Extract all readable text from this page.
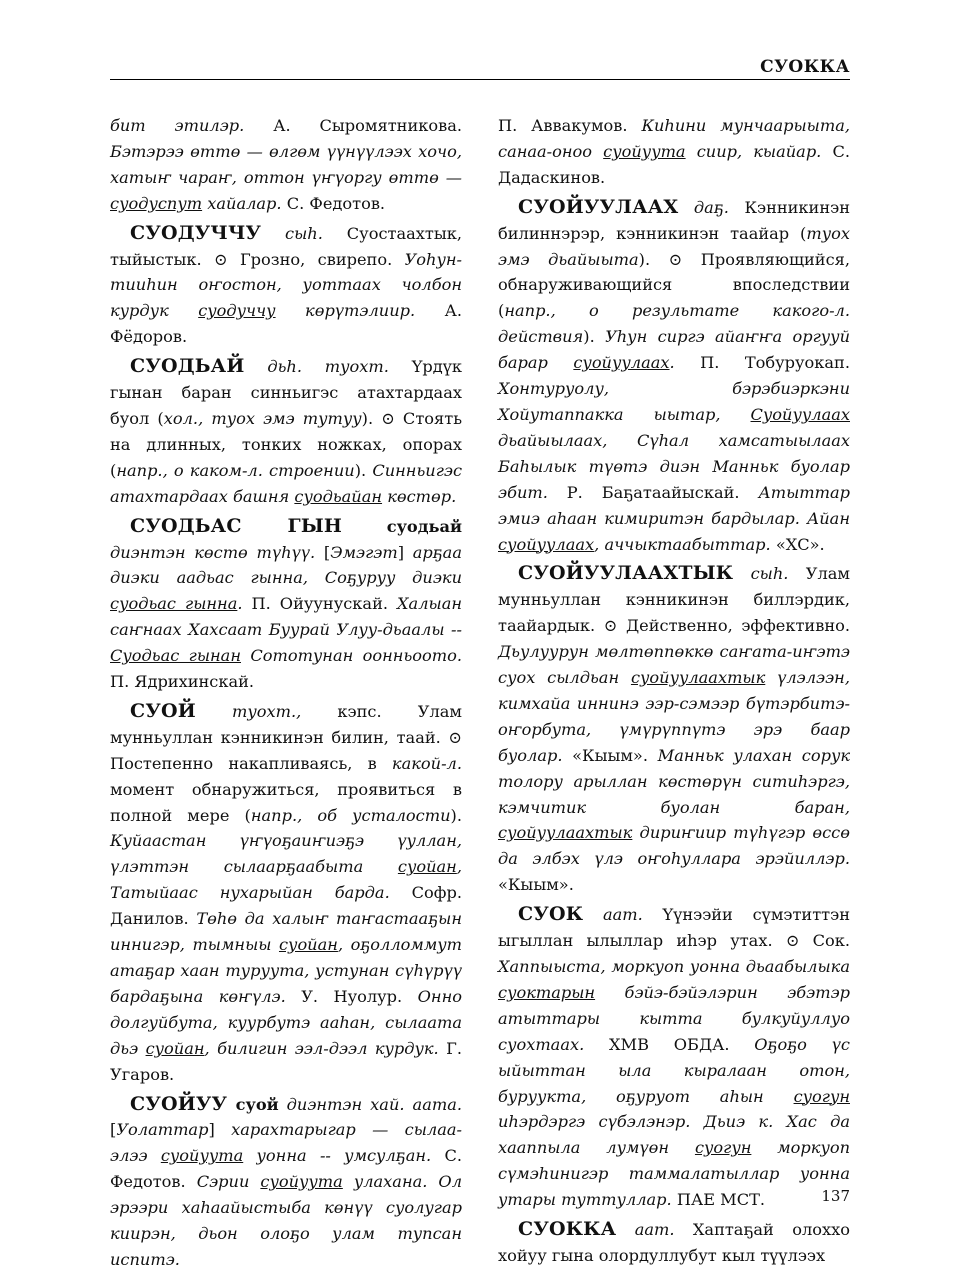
СУОККА

бит этилэр. А. Сыромятникова. Бэтэрээ өттө — өлгөм үүнүүлээх хочо, хатыҥ чараҥ, оттон үҥүоргу өттө — суодуспут хайалар. С. Федотов.

СУОДУЧЧУ сыһ. Суостаахтык, тыйыстык. ⊙ Грозно, свирепо. Уоһун-тииһин оҥостон, уоттаах чолбон курдук суодуччу көрүтэлиир. А. Фёдоров.

СУОДЬАЙ дьһ. туохт. Үрдүк гынан баран синньигэс атахтардаах буол (хол., туох эмэ тутуу). ⊙ Стоять на длинных, тонких ножках, опорах (напр., о каком-л. строении). Синньигэс атахтардаах башня суодьайан көстөр.

СУОДЬАС ГЫН суодьай диэнтэн көстө түһүү. [Эмэгэт] арҕаа диэки аадьас гынна, Соҕуруу диэки суодьас гынна. П. Ойуунускай. Халыан саҥнаах Хахсаат Буурай Улуу-дьаалы -- Суодьас гынан Сототунан оонньоото. П. Ядрихинскай.

СУОЙ туохт., кэпс. Улам мунньуллан кэнникинэн билин, таай. ⊙ Постепенно накапливаясь, в какой-л. момент обнаружиться, проявиться в полной мере (напр., об усталости). Куйаастан үҥүоҕаиҥиэҕэ үуллан, үлэттэн сылаарҕаабыта суойан, Татыйаас нухарыйан барда. Софр. Данилов. Төһө да халыҥ таҥастааҕын иннигэр, тымныы суойан, оҕолломмут атаҕар хаан туруута, устунан сүһүрүү бардаҕына көҥүлэ. У. Нуолур. Онно долгуйбута, куурбутэ ааһан, сылаата дьэ суойан, билигин ээл-дээл курдук. Г. Угаров.

СУОЙУУ суой диэнтэн хай. аата. [Уолаттар] харахтарыгар — сылаа-элээ суойуута уонна -- умсулҕан. С. Федотов. Сэрии суойуута улахана. Ол эрээри хаһаайыстыба көнүү суолугар киирэн, дьон олоҕо улам тупсан испитэ.

П. Аввакумов. Киһини мунчаарыыта, санаа-оноо суойуута сиир, кыайар. С. Дадаскинов.

СУОЙУУЛААХ даҕ. Кэнникинэн билиннэрэр, кэнникинэн таайар (туох эмэ дьайыыта). ⊙ Проявляющийся, обнаруживающийся впоследствии (напр., о результате какого-л. действия). Уһун сиргэ айаҥҥа оргууй барар суойуулаах. П. Тобуруокап. Хонтуруолу, бэрэбиэркэни Хойутаппакка ыытар, Суойуулаах дьайыылаах, Сүһал хамсатыылаах Баһылык түөтэ диэн Манньк буолар эбит. Р. Баҕатаайыскай. Атыттар эмиэ аһаан кимиритэн бардылар. Айан суойуулаах, аччыктаабыттар. «ХС».

СУОЙУУЛААХТЫК сыһ. Улам мунньуллан кэнникинэн биллэрдик, таайардык. ⊙ Действенно, эффективно. Дьулуурун мөлтөппөккө саҥата-иҥэтэ суох сылдьан суойуулаахтык үлэлээн, кимхайа иннинэ ээр-сэмээр бүтэрбитэ-оҥорбута, үмүрүппүтэ эрэ баар буолар. «Кыым». Манньк улахан сорук толору арыллан көстөрүн ситиһэргэ, кэмчитик буолан баран, суойуулаахтык дириҥиир түһүгэр өссө да элбэх үлэ оҥоһуллара эрэйиллэр. «Кыым».

СУОК аат. Үүнээйи сүмэтиттэн ыгыллан ылыллар иһэр утах. ⊙ Сок. Хаппыыста, моркуоп уонна дьаабылыка суоктарын бэйэ-бэйэлэрин эбэтэр атыттары кытта булкуйуллуо суохтааx. ХМВ ОБДА. Оҕоҕо үс ыйыттан ыла кыралаан отон, бурууктa, оҕуруот аһын суогун иһэрдэргэ сүбэлэнэр. Дьиэ к. Хас да хааппыла лумүөн суогун моркуоп сүмэһинигэр таммалатыллар уонна утары туттуллар. ПАЕ МСТ.

СУОККА аат. Хаптаҕай олоххо хойуу гына олордуллубут кыл түүлээх

137
